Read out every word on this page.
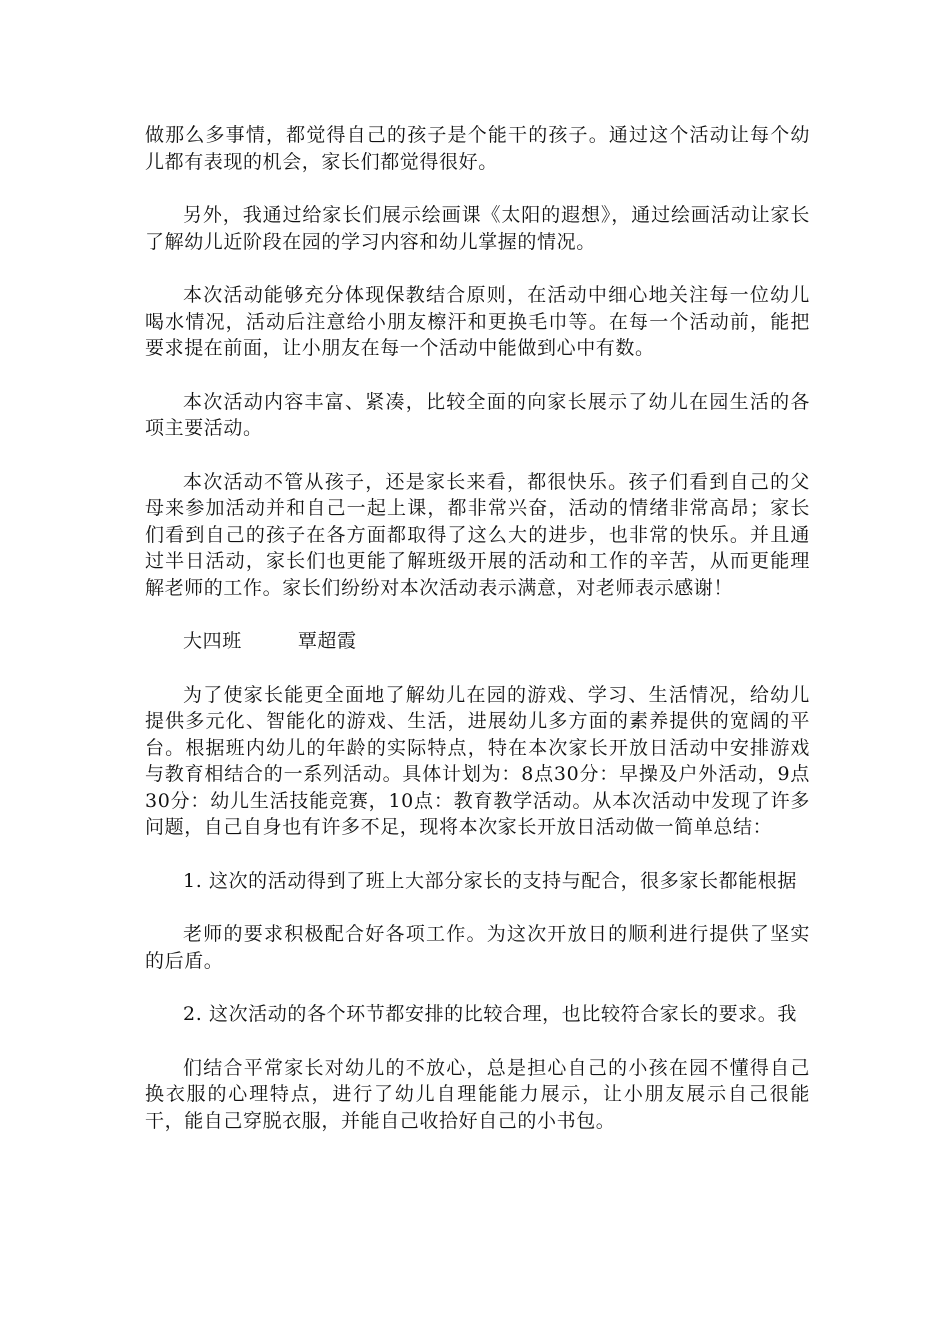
做那么多事情，都觉得自己的孩子是个能干的孩子。通过这个活动让每个幼儿都有表现的机会，家长们都觉得很好。

另外，我通过给家长们展示绘画课《太阳的遐想》，通过绘画活动让家长了解幼儿近阶段在园的学习内容和幼儿掌握的情况。

本次活动能够充分体现保教结合原则，在活动中细心地关注每一位幼儿喝水情况，活动后注意给小朋友檫汗和更换毛巾等。在每一个活动前，能把要求提在前面，让小朋友在每一个活动中能做到心中有数。

本次活动内容丰富、紧凑，比较全面的向家长展示了幼儿在园生活的各项主要活动。

本次活动不管从孩子，还是家长来看，都很快乐。孩子们看到自己的父母来参加活动并和自己一起上课，都非常兴奋，活动的情绪非常高昂；家长们看到自己的孩子在各方面都取得了这么大的进步，也非常的快乐。并且通过半日活动，家长们也更能了解班级开展的活动和工作的辛苦，从而更能理解老师的工作。家长们纷纷对本次活动表示满意，对老师表示感谢！

大四班	覃超霞

为了使家长能更全面地了解幼儿在园的游戏、学习、生活情况，给幼儿提供多元化、智能化的游戏、生活，进展幼儿多方面的素养提供的宽阔的平台。根据班内幼儿的年龄的实际特点，特在本次家长开放日活动中安排游戏与教育相结合的一系列活动。具体计划为：8点30分：早操及户外活动，9点30分：幼儿生活技能竞赛，10点：教育教学活动。从本次活动中发现了许多问题，自己自身也有许多不足，现将本次家长开放日活动做一简单总结：

1. 这次的活动得到了班上大部分家长的支持与配合，很多家长都能根据

老师的要求积极配合好各项工作。为这次开放日的顺利进行提供了坚实的后盾。

2. 这次活动的各个环节都安排的比较合理，也比较符合家长的要求。我

们结合平常家长对幼儿的不放心，总是担心自己的小孩在园不懂得自己换衣服的心理特点，进行了幼儿自理能能力展示，让小朋友展示自己很能干，能自己穿脱衣服，并能自己收拾好自己的小书包。
